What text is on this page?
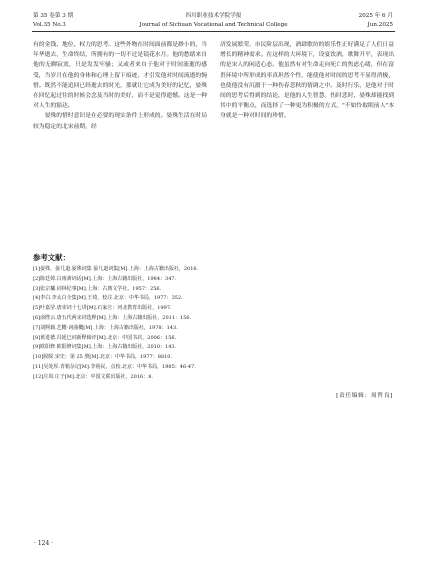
第 35 卷第 3 期
Vol.35 No.3
四川职业技术学院学报
Journal of Sichuan Vocational and Technical College
2025 年 6 月
Jun.2025

有的金钱、地位、权力的思考。这些外物在时间面前都是渺小的，当年华逝去，生命终结，所拥有的一切不过是镜花水月。他的愁绪来自他的无聊寂寞，只是发发牢骚；又或者来自于他对于时间流逝的感受，当岁月在他的身体和心理上留下痕迹，才引发他对时间流逝的惋惜。既然不能追回已经逝去的时光，那就让它成为美好的记忆，晏殊在回忆起过往的时候会念及当时的美好，而不是觉得遗憾。这是一种对人生的豁达。

晏殊的惜时意识是在必要的现实条件上形成的。晏殊生活在时局较为稳定的北宋前期，经

济发展繁荣，市民阶层出现，酒肆歌坊的娱乐性正好满足了人们日益增长的精神需求。在这样的大环境下，设宴饮酒，歌舞升平，表现出的是宋人的闲适心态。他虽然有对生命走向死亡的焦虑心绪，但在富贵环境中所形成的率真坦然个性，能使他对时间的思考不显得消极，也使他没有沉溺于一种伤春悲秋的情调之中。及时行乐，是他对于时间的思考后得到的结论，是他的人生智慧。伤时悲时，晏殊却能找到其中的平衡点，而选择了一种更为积极的方式，"不如怜取眼前人"本身就是一种对时间的珍惜。

参考文献：
[1]晏殊，晏几道.晏殊词集 晏几道词集[M].上海：上海古籍出版社，2016.
[2]陈廷焯.白雨斋词话[M].上海：上海古籍出版社，1984：347.
[3]张宗橚.词林纪事[M].上海：古典文学社，1957：256.
[4]李白.李太白全集[M].王琦，校注.北京：中华书局，1977：352.
[5]叶嘉莹.唐宋词十七讲[M].石家庄：河北教育出版社，1997.
[6]俞陛云.唐五代两宋词选释[M].上海：上海古籍出版社，2011：156.
[7]刘熙载.艺概·词曲概[M].上海：上海古籍出版社，1978：143.
[8]黄进德.冯延巳词新释辑评[M].北京：中国书店，2006：156.
[9]欧阳修.欧阳修词集[M].上海：上海古籍出版社，2010：143.
[10]脱脱.宋史：第 25 册[M].北京：中华书局，1977：8810.
[11]吴处厚.青箱杂记[M].李裕民，点校.北京：中华书局，1985：46-47.
[12]庄周.庄子[M].北京：中国文联出版社，2016：8.
[责任编辑：周哲良]
· 124 ·
